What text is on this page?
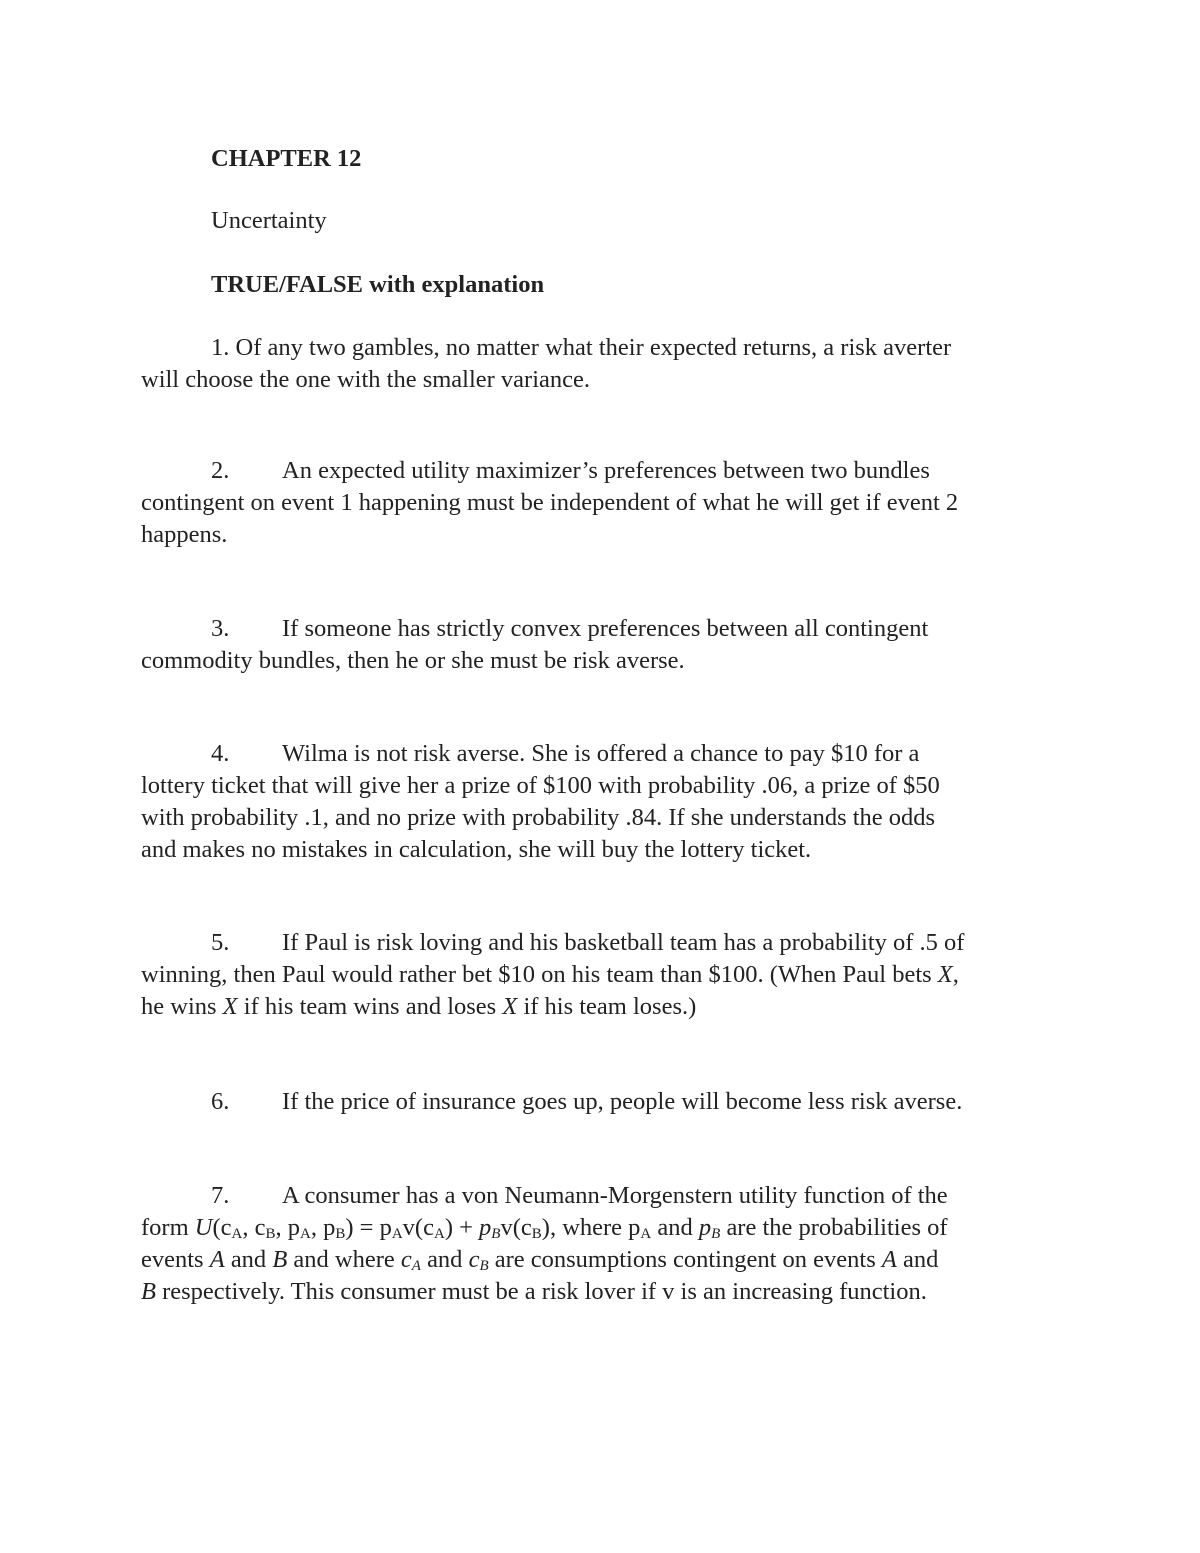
CHAPTER 12

Uncertainty

TRUE/FALSE with explanation

1. Of any two gambles, no matter what their expected returns, a risk averter

will choose the one with the smaller variance.

2. An expected utility maximizer’s preferences between two bundles

contingent on event 1 happening must be independent of what he will get if event 2

happens.

3. If someone has strictly convex preferences between all contingent

commodity bundles, then he or she must be risk averse.

4. Wilma is not risk averse. She is offered a chance to pay $10 for a

lottery ticket that will give her a prize of $100 with probability .06, a prize of $50

with probability .1, and no prize with probability .84. If she understands the odds

and makes no mistakes in calculation, she will buy the lottery ticket.

5. If Paul is risk loving and his basketball team has a probability of .5 of

winning, then Paul would rather bet $10 on his team than $100. (When Paul bets X,

he wins X if his team wins and loses X if his team loses.)

6. If the price of insurance goes up, people will become less risk averse.

7. A consumer has a von Neumann-Morgenstern utility function of the

form $U(c_A$, $c_B$, $p_A$, $p_B) = p_Av(c_A) + p_Bv(c_B)$, where $p_A$ and $p_B$ are the probabilities of

events A and B and where $c_A$ and $c_B$ are consumptions contingent on events A and

B respectively. This consumer must be a risk lover if v is an increasing function.
